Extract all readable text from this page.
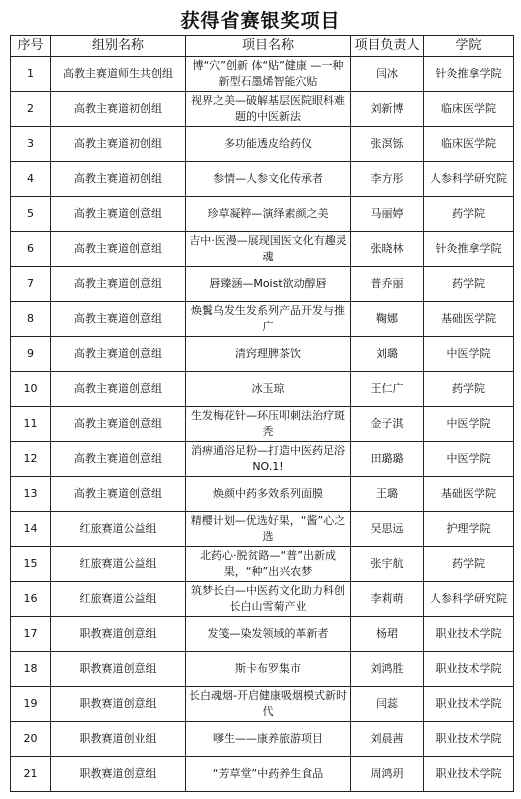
获得省赛银奖项目
序号	组别名称	项目名称	项目负责人	学院
1	高教主赛道师生共创组	博“穴”创新 体“贴”健康 —一种新型石墨烯智能穴贴	闫冰	针灸推拿学院
2	高教主赛道初创组	视界之美—破解基层医院眼科难题的中医新法	刘新博	临床医学院
3	高教主赛道初创组	多功能透皮给药仪	张溟铄	临床医学院
4	高教主赛道初创组	参情—人参文化传承者	李方彤	人参科学研究院
5	高教主赛道创意组	珍草凝粹—演绎素颜之美	马丽婷	药学院
6	高教主赛道创意组	吉中·医漫—展现国医文化有趣灵魂	张晓林	针灸推拿学院
7	高教主赛道创意组	唇臻涵—Moist欲动醇唇	普乔丽	药学院
8	高教主赛道创意组	焕鬒乌发生发系列产品开发与推广	鞠娜	基础医学院
9	高教主赛道创意组	清窍理脾茶饮	刘璐	中医学院
10	高教主赛道创意组	冰玉琼	王仁广	药学院
11	高教主赛道创意组	生发梅花针—环压叩刺法治疗斑秃	金子淇	中医学院
12	高教主赛道创意组	消痹通浴足粉—打造中医药足浴NO.1!	田璐璐	中医学院
13	高教主赛道创意组	焕颜中药多效系列面膜	王璐	基础医学院
14	红旅赛道公益组	精樱计划—优选好果，“酱”心之选	吴思远	护理学院
15	红旅赛道公益组	北药心·脱贫路—“普”出新成果，“种”出兴农梦	张宇航	药学院
16	红旅赛道公益组	筑梦长白—中医药文化助力科创长白山雪菊产业	李莉萌	人参科学研究院
17	职教赛道创意组	发笺—染发领域的革新者	杨珺	职业技术学院
18	职教赛道创意组	斯卡布罗集市	刘鸿胜	职业技术学院
19	职教赛道创意组	长白魂烟-开启健康吸烟模式新时代	闫蕊	职业技术学院
20	职教赛道创业组	嗲生——康养旅游项目	刘晨茜	职业技术学院
21	职教赛道创意组	“芳草堂”中药养生食品	周鸿玥	职业技术学院
